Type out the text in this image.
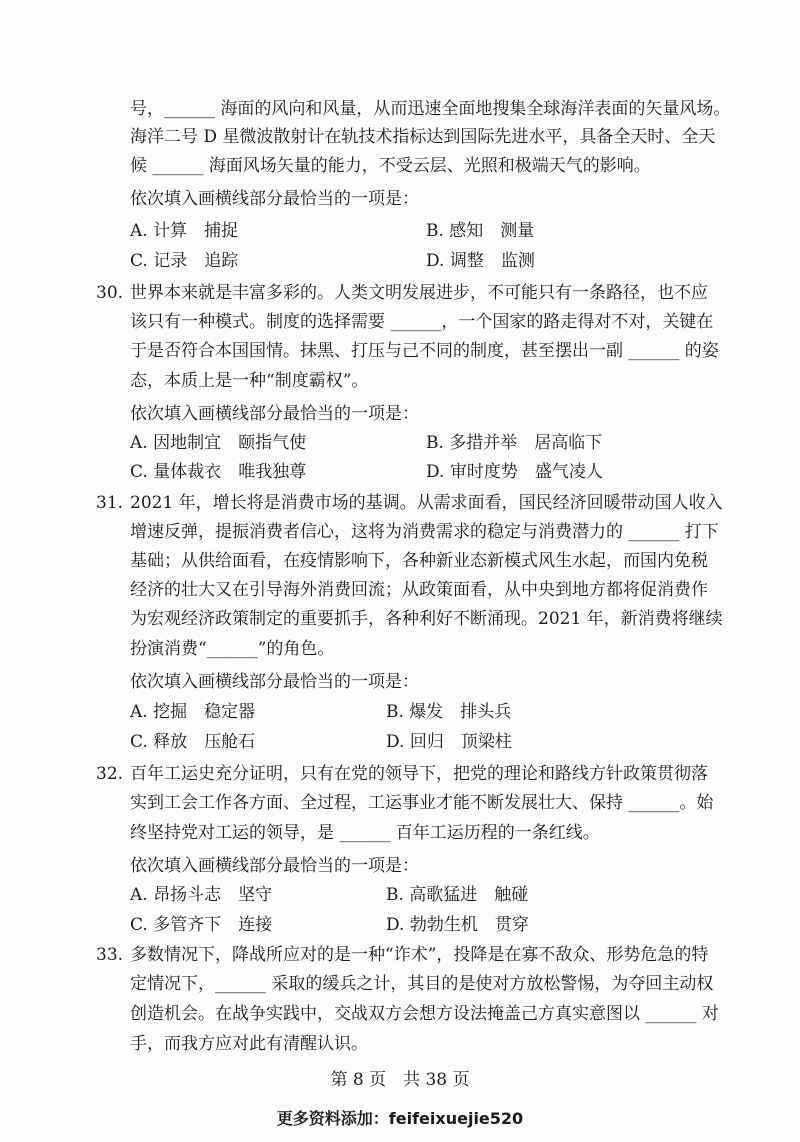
号，______ 海面的风向和风量，从而迅速全面地搜集全球海洋表面的矢量风场。
海洋二号 D 星微波散射计在轨技术指标达到国际先进水平，具备全天时、全天
候 ______ 海面风场矢量的能力，不受云层、光照和极端天气的影响。
依次填入画横线部分最恰当的一项是：
A. 计算　捕捉	B. 感知　测量
C. 记录　追踪	D. 调整　监测
30. 世界本来就是丰富多彩的。人类文明发展进步，不可能只有一条路径，也不应
该只有一种模式。制度的选择需要 ______，一个国家的路走得对不对，关键在
于是否符合本国国情。抹黑、打压与己不同的制度，甚至摆出一副 ______ 的姿
态，本质上是一种“制度霸权”。
依次填入画横线部分最恰当的一项是：
A. 因地制宜　颐指气使	B. 多措并举　居高临下
C. 量体裁衣　唯我独尊	D. 审时度势　盛气凌人
31. 2021 年，增长将是消费市场的基调。从需求面看，国民经济回暖带动国人收入
增速反弹，提振消费者信心，这将为消费需求的稳定与消费潜力的 ______ 打下
基础；从供给面看，在疫情影响下，各种新业态新模式风生水起，而国内免税
经济的壮大又在引导海外消费回流；从政策面看，从中央到地方都将促消费作
为宏观经济政策制定的重要抓手，各种利好不断涌现。2021 年，新消费将继续
扮演消费“______”的角色。
依次填入画横线部分最恰当的一项是：
A. 挖掘　稳定器	B. 爆发　排头兵
C. 释放　压舱石	D. 回归　顶梁柱
32. 百年工运史充分证明，只有在党的领导下，把党的理论和路线方针政策贯彻落
实到工会工作各方面、全过程，工运事业才能不断发展壮大、保持 ______。始
终坚持党对工运的领导，是 ______ 百年工运历程的一条红线。
依次填入画横线部分最恰当的一项是：
A. 昂扬斗志　坚守	B. 高歌猛进　触碰
C. 多管齐下　连接	D. 勃勃生机　贯穿
33. 多数情况下，降战所应对的是一种“诈术”，投降是在寡不敌众、形势危急的特
定情况下，______ 采取的缓兵之计，其目的是使对方放松警惕，为夺回主动权
创造机会。在战争实践中，交战双方会想方设法掩盖己方真实意图以 ______ 对
手，而我方应对此有清醒认识。
第 8 页　共 38 页
更多资料添加：feifeixuejie520
